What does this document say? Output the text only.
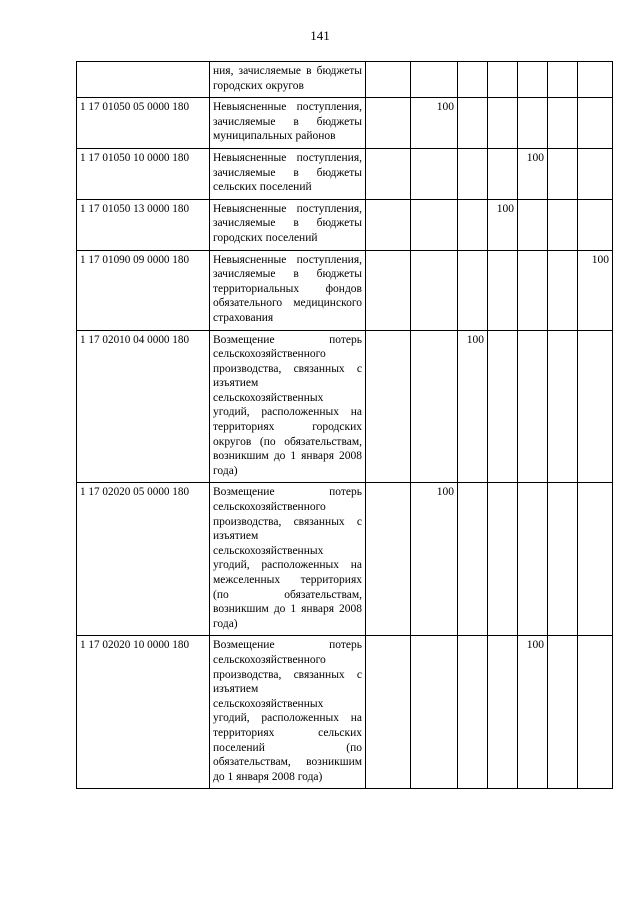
141
	ния, зачисляемые в бюджеты городских округов							
1 17 01050 05 0000 180	Невыясненные поступления, зачисляемые в бюджеты муниципальных районов		100					
1 17 01050 10 0000 180	Невыясненные поступления, зачисляемые в бюджеты сельских поселений					100		
1 17 01050 13 0000 180	Невыясненные поступления, зачисляемые в бюджеты городских поселений				100			
1 17 01090 09 0000 180	Невыясненные поступления, зачисляемые в бюджеты территориальных фондов обязательного медицинского страхования							100
1 17 02010 04 0000 180	Возмещение потерь сельскохозяйственного производства, связанных с изъятием сельскохозяйственных угодий, расположенных на территориях городских округов (по обязательствам, возникшим до 1 января 2008 года)			100				
1 17 02020 05 0000 180	Возмещение потерь сельскохозяйственного производства, связанных с изъятием сельскохозяйственных угодий, расположенных на межселенных территориях (по обязательствам, возникшим до 1 января 2008 года)		100					
1 17 02020 10 0000 180	Возмещение потерь сельскохозяйственного производства, связанных с изъятием сельскохозяйственных угодий, расположенных на территориях сельских поселений (по обязательствам, возникшим до 1 января 2008 года)					100		
